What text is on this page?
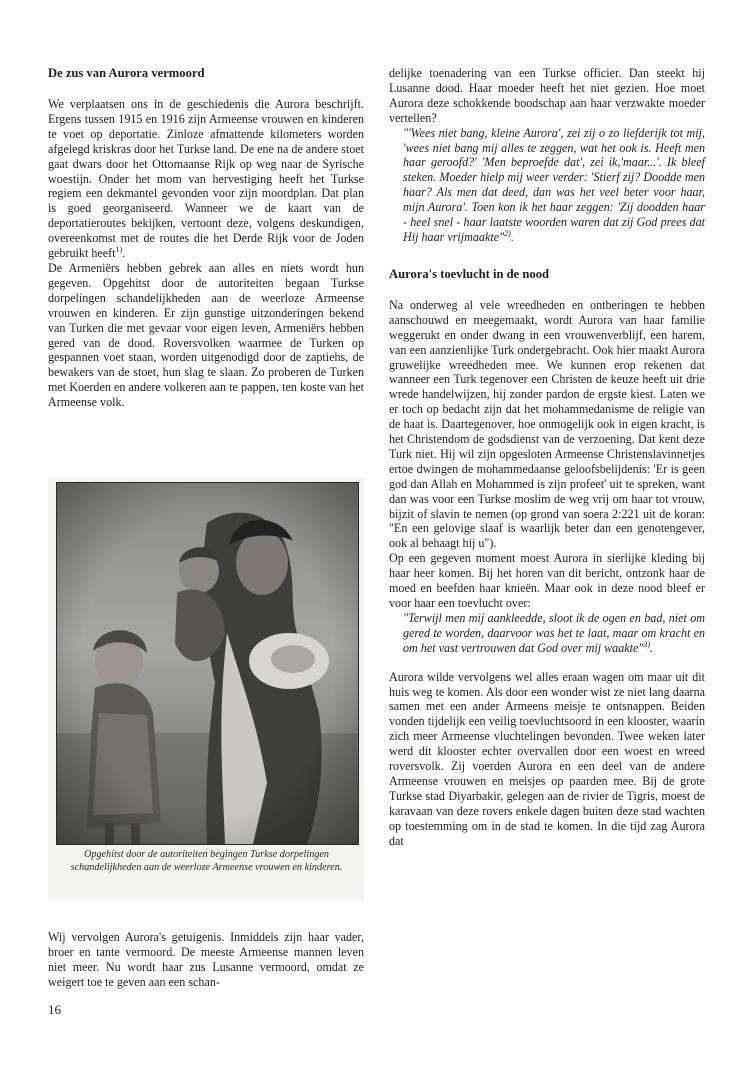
De zus van Aurora vermoord

We verplaatsen ons in de geschiedenis die Aurora beschrijft. Ergens tussen 1915 en 1916 zijn Armeense vrouwen en kinderen te voet op deportatie. Zinloze afmattende kilometers worden afgelegd kriskras door het Turkse land. De ene na de andere stoet gaat dwars door het Ottomaanse Rijk op weg naar de Syrische woestijn. Onder het mom van hervestiging heeft het Turkse regiem een dekmantel gevonden voor zijn moordplan. Dat plan is goed georganiseerd. Wanneer we de kaart van de deportatieroutes bekijken, vertoont deze, volgens deskundigen, overeenkomst met de routes die het Derde Rijk voor de Joden gebruikt heeft$^{1)}$.

De Armeniërs hebben gebrek aan alles en niets wordt hun gegeven. Opgehitst door de autoriteiten begaan Turkse dorpelingen schandelijkheden aan de weerloze Armeense vrouwen en kinderen. Er zijn gunstige uitzonderingen bekend van Turken die met gevaar voor eigen leven, Armeniërs hebben gered van de dood. Roversvolken waarmee de Turken op gespannen voet staan, worden uitgenodigd door de zaptiehs, de bewakers van de stoet, hun slag te slaan. Zo proberen de Turken met Koerden en andere volkeren aan te pappen, ten koste van het Armeense volk.

Opgehitst door de autoriteiten begingen Turkse dorpelingen schandelijkheden aan de weerloze Armeense vrouwen en kinderen.

Wij vervolgen Aurora's getuigenis. Inmiddels zijn haar vader, broer en tante vermoord. De meeste Armeense mannen leven niet meer. Nu wordt haar zus Lusanne vermoord, omdat ze weigert toe te geven aan een schan-

delijke toenadering van een Turkse officier. Dan steekt hij Lusanne dood. Haar moeder heeft het niet gezien. Hoe moet Aurora deze schokkende boodschap aan haar verzwakte moeder vertellen?

"'Wees niet bang, kleine Aurora', zei zij o zo liefderijk tot mij, 'wees niet bang mij alles te zeggen, wat het ook is. Heeft men haar geroofd?' 'Men beproefde dat', zei ik,'maar...'. Ik bleef steken. Moeder hielp mij weer verder: 'Stierf zij? Doodde men haar? Als men dat deed, dan was het veel beter voor haar, mijn Aurora'. Toen kon ik het haar zeggen: 'Zij doodden haar - heel snel - haar laatste woorden waren dat zij God prees dat Hij haar vrijmaakte"$^{2)}$.

Aurora's toevlucht in de nood

Na onderweg al vele wreedheden en ontberingen te hebben aanschouwd en meegemaakt, wordt Aurora van haar familie weggerukt en onder dwang in een vrouwenverblijf, een harem, van een aanzienlijke Turk ondergebracht. Ook hier maakt Aurora gruwelijke wreedheden mee. We kunnen erop rekenen dat wanneer een Turk tegenover een Christen de keuze heeft uit drie wrede handelwijzen, hij zonder pardon de ergste kiest. Laten we er toch op bedacht zijn dat het mohammedanisme de religie van de haat is. Daartegenover, hoe onmogelijk ook in eigen kracht, is het Christendom de godsdienst van de verzoening. Dat kent deze Turk niet. Hij wil zijn opgesloten Armeense Christenslavinnetjes ertoe dwingen de mohammedaanse geloofsbelijdenis: 'Er is geen god dan Allah en Mohammed is zijn profeet' uit te spreken, want dan was voor een Turkse moslim de weg vrij om haar tot vrouw, bijzit of slavin te nemen (op grond van soera 2:221 uit de koran: "En een gelovige slaaf is waarlijk beter dan een genotengever, ook al behaagt hij u").

Op een gegeven moment moest Aurora in sierlijke kleding bij haar heer komen. Bij het horen van dit bericht, ontzonk haar de moed en beefden haar knieën. Maar ook in deze nood bleef er voor haar een toevlucht over:

"Terwijl men mij aankleedde, sloot ik de ogen en bad, niet om gered te worden, daarvoor was het te laat, maar om kracht en om het vast vertrouwen dat God over mij waakte"$^{3)}$.

Aurora wilde vervolgens wel alles eraan wagen om maar uit dit huis weg te komen. Als door een wonder wist ze niet lang daarna samen met een ander Armeens meisje te ontsnappen. Beiden vonden tijdelijk een veilig toevluchtsoord in een klooster, waarin zich meer Armeense vluchtelingen bevonden. Twee weken later werd dit klooster echter overvallen door een woest en wreed roversvolk. Zij voerden Aurora en een deel van de andere Armeense vrouwen en meisjes op paarden mee. Bij de grote Turkse stad Diyarbakir, gelegen aan de rivier de Tigris, moest de karavaan van deze rovers enkele dagen buiten deze stad wachten op toestemming om in de stad te komen. In die tijd zag Aurora dat

16
